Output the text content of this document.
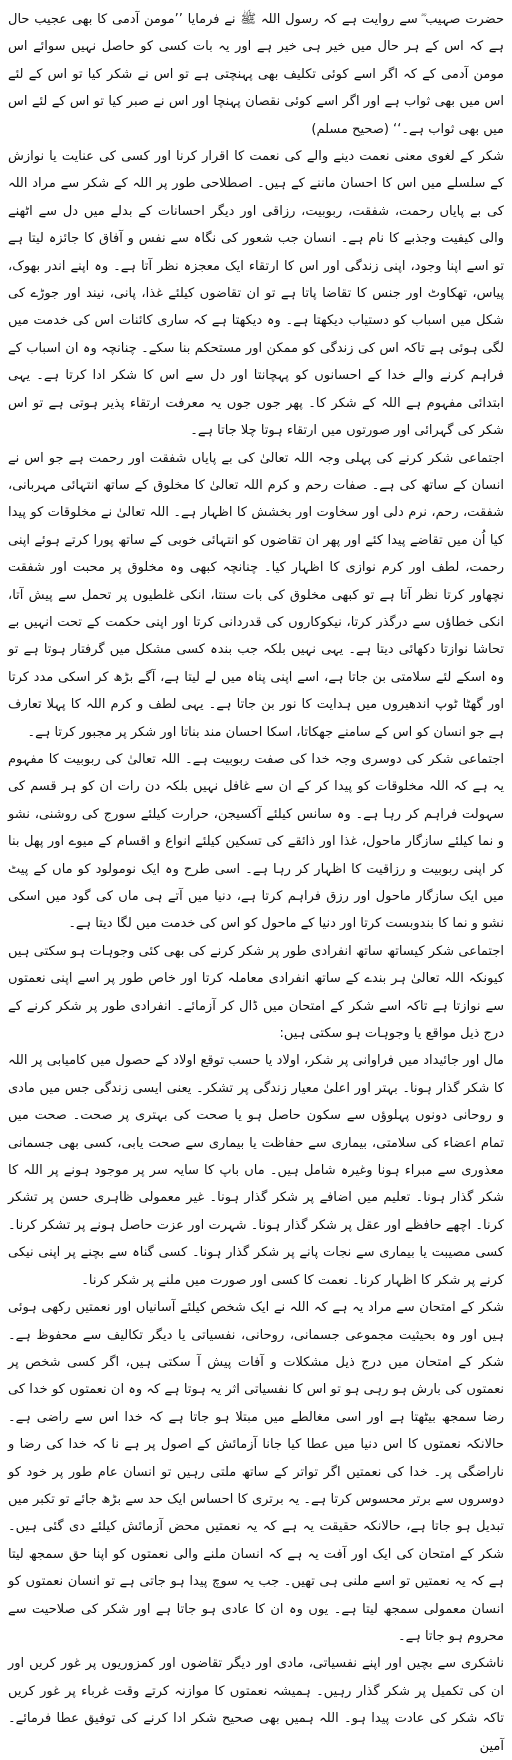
حضرت صہیب ؓ سے روایت ہے کہ رسول اللہ ﷺ نے فرمایا ’’مومن آدمی کا بھی عجیب حال ہے کہ اس کے ہر حال میں خیر ہی خیر ہے اور یہ بات کسی کو حاصل نہیں سوائے اس مومن آدمی کے کہ اگر اسے کوئی تکلیف بھی پہنچتی ہے تو اس نے شکر کیا تو اس کے لئے اس میں بھی ثواب ہے اور اگر اسے کوئی نقصان پہنچا اور اس نے صبر کیا تو اس کے لئے اس میں بھی ثواب ہے۔‘‘ (صحیح مسلم)

شکر کے لغوی معنی نعمت دینے والے کی نعمت کا اقرار کرنا اور کسی کی عنایت یا نوازش کے سلسلے میں اس کا احسان ماننے کے ہیں۔ اصطلاحی طور پر اللہ کے شکر سے مراد اللہ کی بے پایاں رحمت، شفقت، ربوبیت، رزاقی اور دیگر احسانات کے بدلے میں دل سے اٹھنے والی کیفیت وجذبے کا نام ہے۔ انسان جب شعور کی نگاہ سے نفس و آفاق کا جائزہ لیتا ہے تو اسے اپنا وجود، اپنی زندگی اور اس کا ارتقاء ایک معجزہ نظر آتا ہے۔ وہ اپنے اندر بھوک، پیاس، تھکاوٹ اور جنس کا تقاضا پاتا ہے تو ان تقاضوں کیلئے غذا، پانی، نیند اور جوڑے کی شکل میں اسباب کو دستیاب دیکھتا ہے۔ وہ دیکھتا ہے کہ ساری کائنات اس کی خدمت میں لگی ہوئی ہے تاکہ اس کی زندگی کو ممکن اور مستحکم بنا سکے۔ چنانچہ وہ ان اسباب کے فراہم کرنے والے خدا کے احسانوں کو پہچانتا اور دل سے اس کا شکر ادا کرتا ہے۔ یہی ابتدائی مفہوم ہے اللہ کے شکر کا۔ پھر جوں جوں یہ معرفت ارتقاء پذیر ہوتی ہے تو اس شکر کی گہرائی اور صورتوں میں ارتقاء ہوتا چلا جاتا ہے۔

اجتماعی شکر کرنے کی پہلی وجہ اللہ تعالیٰ کی بے پایاں شفقت اور رحمت ہے جو اس نے انسان کے ساتھ کی ہے۔ صفات رحم و کرم اللہ تعالیٰ کا مخلوق کے ساتھ انتہائی مہربانی، شفقت، رحم، نرم دلی اور سخاوت اور بخشش کا اظہار ہے۔ اللہ تعالیٰ نے مخلوقات کو پیدا کیا اُن میں تقاضے پیدا کئے اور پھر ان تقاضوں کو انتہائی خوبی کے ساتھ پورا کرتے ہوئے اپنی رحمت، لطف اور کرم نوازی کا اظہار کیا۔ چنانچہ کبھی وہ مخلوق پر محبت اور شفقت نچھاور کرتا نظر آتا ہے تو کبھی مخلوق کی بات سنتا، انکی غلطیوں پر تحمل سے پیش آتا، انکی خطاؤں سے درگذر کرتا، نیکوکاروں کی قدردانی کرتا اور اپنی حکمت کے تحت انہیں بے تحاشا نوازتا دکھائی دیتا ہے۔ یہی نہیں بلکہ جب بندہ کسی مشکل میں گرفتار ہوتا ہے تو وہ اسکے لئے سلامتی بن جاتا ہے، اسے اپنی پناہ میں لے لیتا ہے، آگے بڑھ کر اسکی مدد کرتا اور گھٹا ٹوپ اندھیروں میں ہدایت کا نور بن جاتا ہے۔ یہی لطف و کرم اللہ کا پہلا تعارف ہے جو انسان کو اس کے سامنے جھکاتا، اسکا احسان مند بناتا اور شکر پر مجبور کرتا ہے۔

اجتماعی شکر کی دوسری وجہ خدا کی صفت ربوبیت ہے۔ اللہ تعالیٰ کی ربوبیت کا مفہوم یہ ہے کہ اللہ مخلوقات کو پیدا کر کے ان سے غافل نہیں بلکہ دن رات ان کو ہر قسم کی سہولت فراہم کر رہا ہے۔ وہ سانس کیلئے آکسیجن، حرارت کیلئے سورج کی روشنی، نشو و نما کیلئے سازگار ماحول، غذا اور ذائقے کی تسکین کیلئے انواع و اقسام کے میوے اور پھل بنا کر اپنی ربوبیت و رزاقیت کا اظہار کر رہا ہے۔ اسی طرح وہ ایک نومولود کو ماں کے پیٹ میں ایک سازگار ماحول اور رزق فراہم کرتا ہے، دنیا میں آتے ہی ماں کی گود میں اسکی نشو و نما کا بندوبست کرتا اور دنیا کے ماحول کو اس کی خدمت میں لگا دیتا ہے۔

اجتماعی شکر کیساتھ ساتھ انفرادی طور پر شکر کرنے کی بھی کئی وجوہات ہو سکتی ہیں کیونکہ اللہ تعالیٰ ہر بندے کے ساتھ انفرادی معاملہ کرتا اور خاص طور پر اسے اپنی نعمتوں سے نوازتا ہے تاکہ اسے شکر کے امتحان میں ڈال کر آزمائے۔ انفرادی طور پر شکر کرنے کے درج ذیل مواقع یا وجوہات ہو سکتی ہیں:

مال اور جائیداد میں فراوانی پر شکر، اولاد یا حسب توقع اولاد کے حصول میں کامیابی پر اللہ کا شکر گذار ہونا۔ بہتر اور اعلیٰ معیار زندگی پر تشکر۔ یعنی ایسی زندگی جس میں مادی و روحانی دونوں پہلوؤں سے سکون حاصل ہو یا صحت کی بہتری پر صحت۔ صحت میں تمام اعضاء کی سلامتی، بیماری سے حفاظت یا بیماری سے صحت یابی، کسی بھی جسمانی معذوری سے مبراء ہونا وغیرہ شامل ہیں۔ ماں باپ کا سایہ سر پر موجود ہونے پر اللہ کا شکر گذار ہونا۔ تعلیم میں اضافے پر شکر گذار ہونا۔ غیر معمولی ظاہری حسن پر تشکر کرنا۔ اچھے حافظے اور عقل پر شکر گذار ہونا۔ شہرت اور عزت حاصل ہونے پر تشکر کرنا۔ کسی مصیبت یا بیماری سے نجات پانے پر شکر گذار ہونا۔ کسی گناہ سے بچنے پر اپنی نیکی کرنے پر شکر کا اظہار کرنا۔ نعمت کا کسی اور صورت میں ملنے پر شکر کرنا۔

شکر کے امتحان سے مراد یہ ہے کہ اللہ نے ایک شخص کیلئے آسانیاں اور نعمتیں رکھی ہوئی ہیں اور وہ بحیثیت مجموعی جسمانی، روحانی، نفسیاتی یا دیگر تکالیف سے محفوظ ہے۔ شکر کے امتحان میں درج ذیل مشکلات و آفات پیش آ سکتی ہیں، اگر کسی شخص پر نعمتوں کی بارش ہو رہی ہو تو اس کا نفسیاتی اثر یہ ہوتا ہے کہ وہ ان نعمتوں کو خدا کی رضا سمجھ بیٹھتا ہے اور اسی مغالطے میں مبتلا ہو جاتا ہے کہ خدا اس سے راضی ہے۔ حالانکہ نعمتوں کا اس دنیا میں عطا کیا جانا آزمائش کے اصول پر ہے نا کہ خدا کی رضا و ناراضگی پر۔ خدا کی نعمتیں اگر تواتر کے ساتھ ملتی رہیں تو انسان عام طور پر خود کو دوسروں سے برتر محسوس کرتا ہے۔ یہ برتری کا احساس ایک حد سے بڑھ جائے تو تکبر میں تبدیل ہو جاتا ہے، حالانکہ حقیقت یہ ہے کہ یہ نعمتیں محض آزمائش کیلئے دی گئی ہیں۔ شکر کے امتحان کی ایک اور آفت یہ ہے کہ انسان ملنے والی نعمتوں کو اپنا حق سمجھ لیتا ہے کہ یہ نعمتیں تو اسے ملنی ہی تھیں۔ جب یہ سوچ پیدا ہو جاتی ہے تو انسان نعمتوں کو انسان معمولی سمجھ لیتا ہے۔ یوں وہ ان کا عادی ہو جاتا ہے اور شکر کی صلاحیت سے محروم ہو جاتا ہے۔

ناشکری سے بچیں اور اپنے نفسیاتی، مادی اور دیگر تقاضوں اور کمزوریوں پر غور کریں اور ان کی تکمیل پر شکر گذار رہیں۔ ہمیشہ نعمتوں کا موازنہ کرتے وقت غرباء پر غور کریں تاکہ شکر کی عادت پیدا ہو۔ اللہ ہمیں بھی صحیح شکر ادا کرنے کی توفیق عطا فرمائے۔ آمین
